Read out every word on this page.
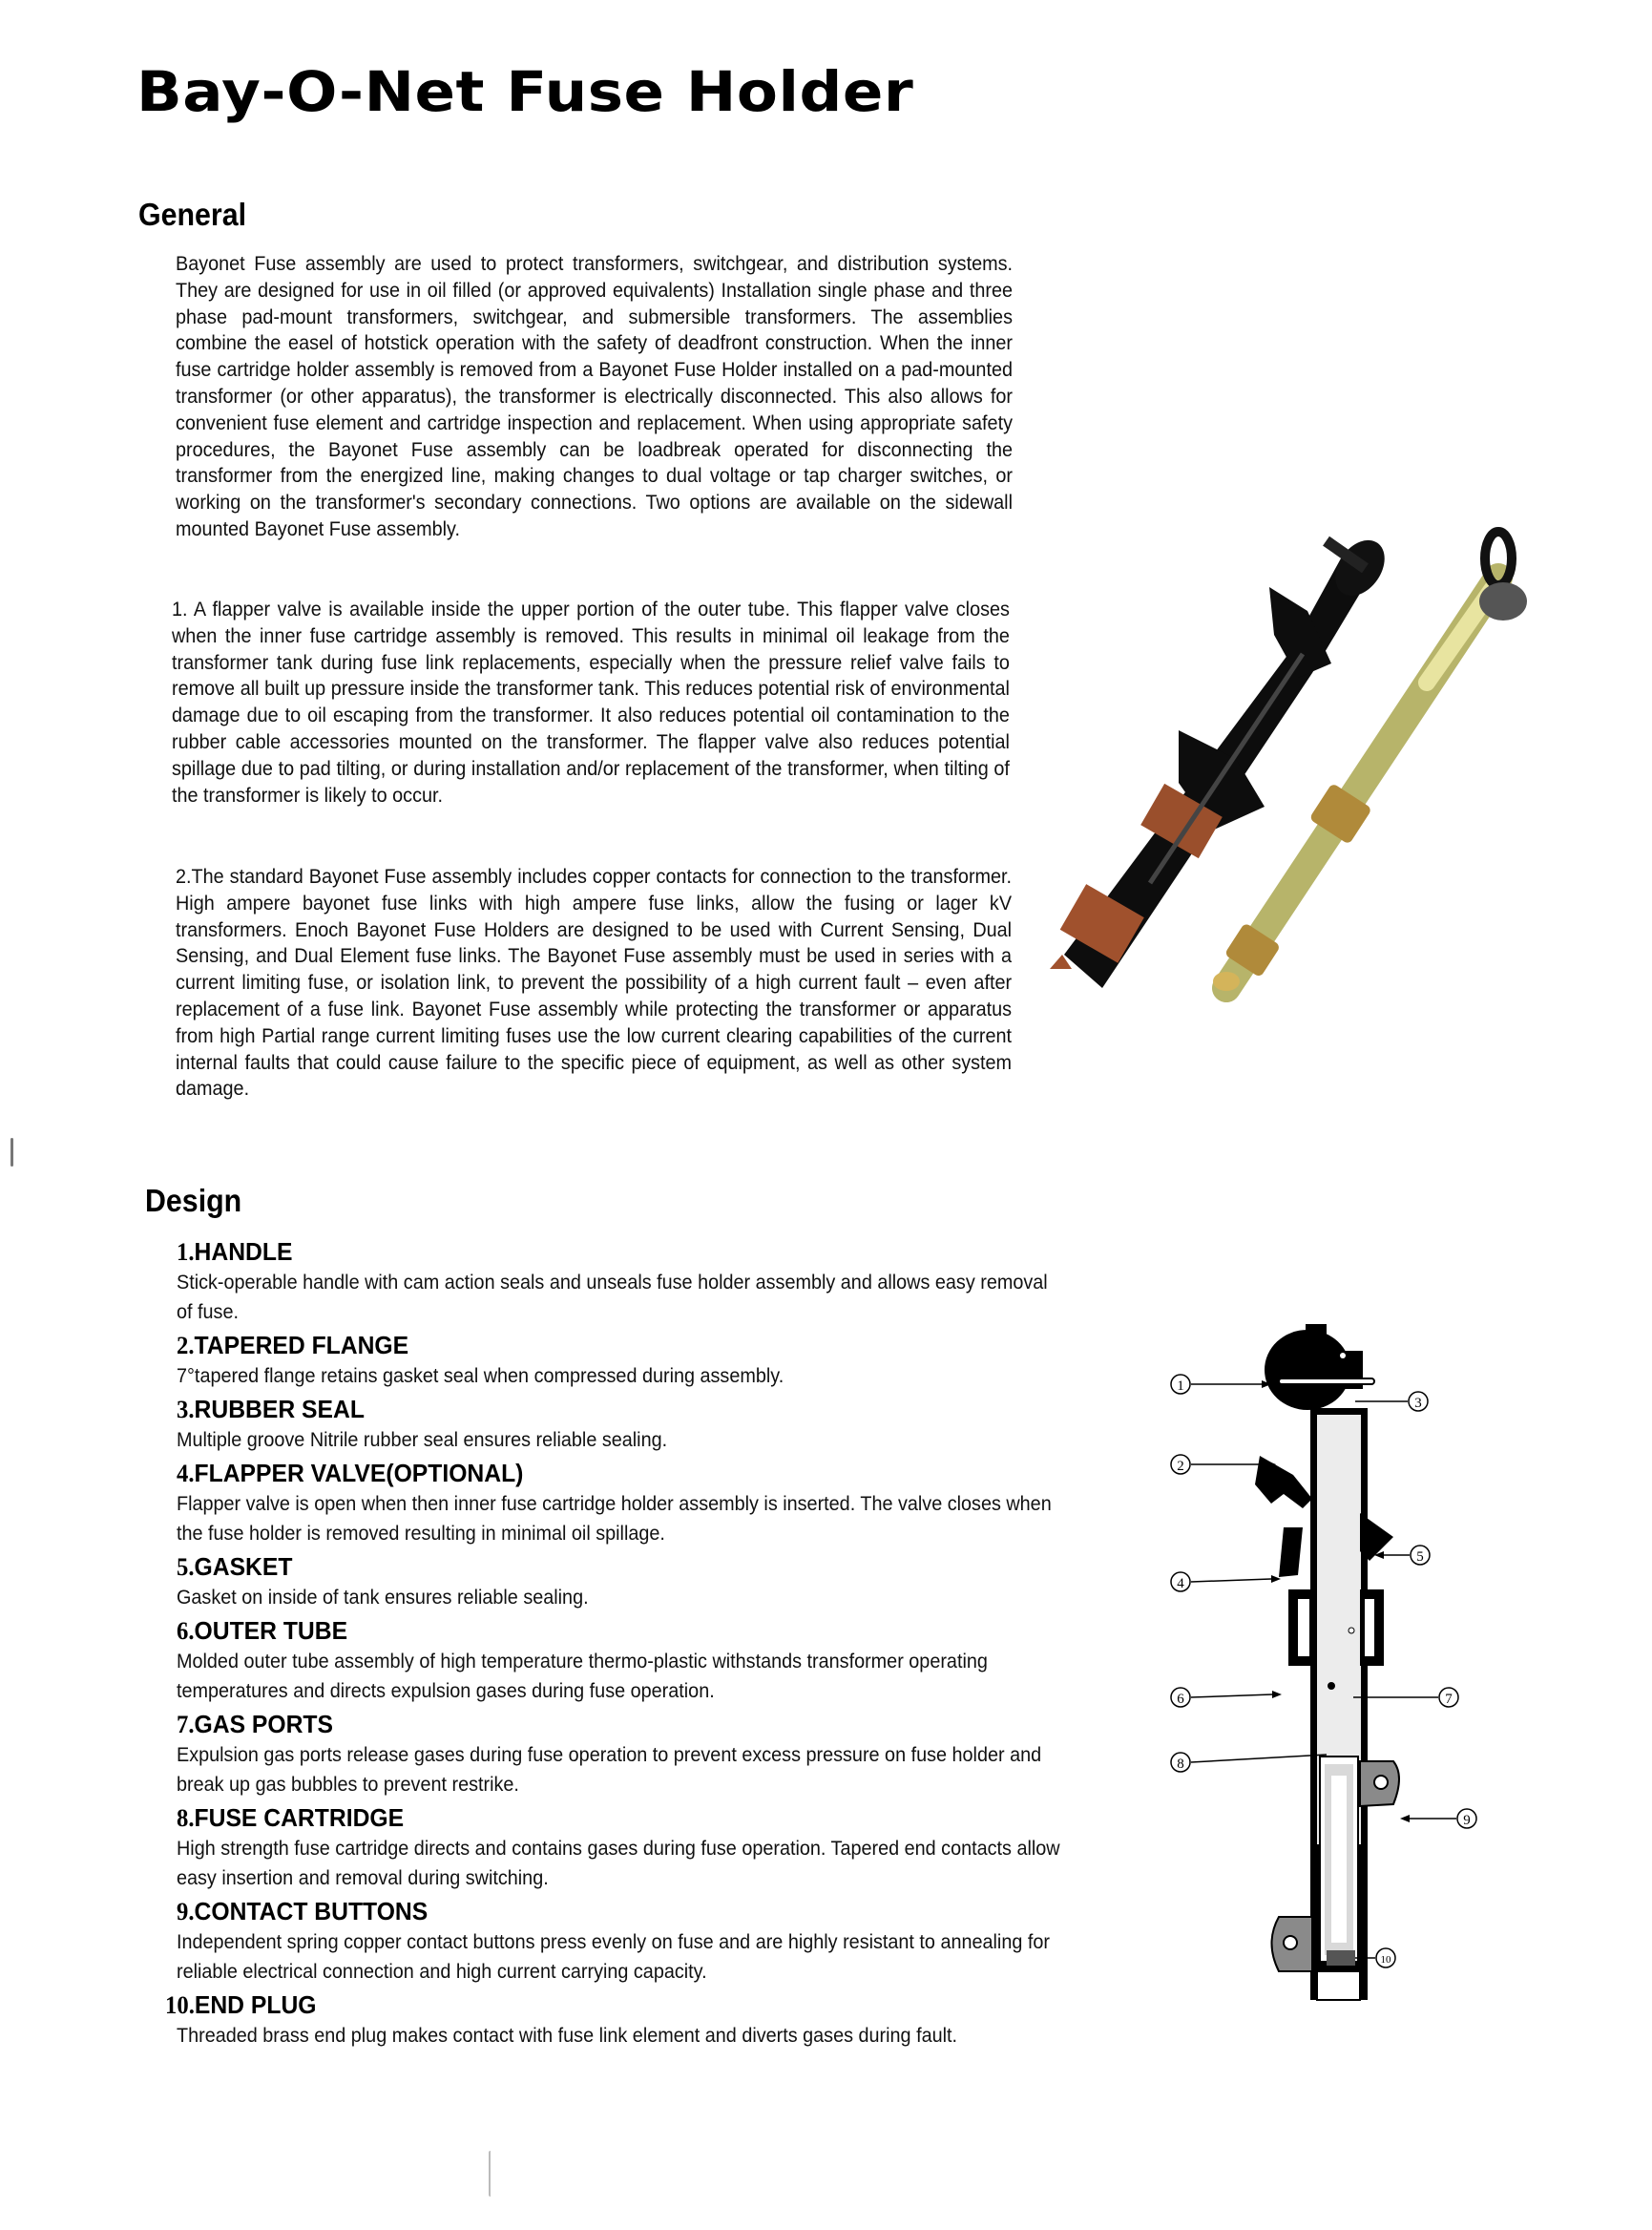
Bay-O-Net Fuse Holder
General

Bayonet Fuse assembly are used to protect transformers, switchgear, and distribution systems. They are designed for use in oil filled (or approved equivalents) Installation single phase and three phase pad-mount transformers, switchgear, and submersible transformers. The assemblies combine the easel of hotstick operation with the safety of deadfront construction. When the inner fuse cartridge holder assembly is removed from a Bayonet Fuse Holder installed on a pad-mounted transformer (or other apparatus), the transformer is electrically disconnected. This also allows for convenient fuse element and cartridge inspection and replacement. When using appropriate safety procedures, the Bayonet Fuse assembly can be loadbreak operated for disconnecting the transformer from the energized line, making changes to dual voltage or tap charger switches, or working on the transformer's secondary connections. Two options are available on the sidewall mounted Bayonet Fuse assembly.

1. A flapper valve is available inside the upper portion of the outer tube. This flapper valve closes when the inner fuse cartridge assembly is removed. This results in minimal oil leakage from the transformer tank during fuse link replacements, especially when the pressure relief valve fails to remove all built up pressure inside the transformer tank. This reduces potential risk of environmental damage due to oil escaping from the transformer. It also reduces potential oil contamination to the rubber cable accessories mounted on the transformer. The flapper valve also reduces potential spillage due to pad tilting, or during installation and/or replacement of the transformer, when tilting of the transformer is likely to occur.

2.The standard Bayonet Fuse assembly includes copper contacts for connection to the transformer. High ampere bayonet fuse links with high ampere fuse links, allow the fusing or lager kV transformers. Enoch Bayonet Fuse Holders are designed to be used with Current Sensing, Dual Sensing, and Dual Element fuse links. The Bayonet Fuse assembly must be used in series with a current limiting fuse, or isolation link, to prevent the possibility of a high current fault – even after replacement of a fuse link. Bayonet Fuse assembly while protecting the transformer or apparatus from high Partial range current limiting fuses use the low current clearing capabilities of the current internal faults that could cause failure to the specific piece of equipment, as well as other system damage.

Design
1.HANDLE
Stick-operable handle with cam action seals and unseals fuse holder assembly and allows easy removal of fuse.
2.TAPERED FLANGE
7°tapered flange retains gasket seal when compressed during assembly.
3.RUBBER SEAL
Multiple groove Nitrile rubber seal ensures reliable sealing.
4.FLAPPER VALVE(OPTIONAL)
Flapper valve is open when then inner fuse cartridge holder assembly is inserted. The valve closes when the fuse holder is removed resulting in minimal oil spillage.
5.GASKET
Gasket on inside of tank ensures reliable sealing.
6.OUTER TUBE
Molded outer tube assembly of high temperature thermo-plastic withstands transformer operating temperatures and directs expulsion gases during fuse operation.
7.GAS PORTS
Expulsion gas ports release gases during fuse operation to prevent excess pressure on fuse holder and break up gas bubbles to prevent restrike.
8.FUSE CARTRIDGE
High strength fuse cartridge directs and contains gases during fuse operation. Tapered end contacts allow easy insertion and removal during switching.
9.CONTACT BUTTONS
Independent spring copper contact buttons press evenly on fuse and are highly resistant to annealing for reliable electrical connection and high current carrying capacity.
10.END PLUG
Threaded brass end plug makes contact with fuse link element and diverts gases during fault.
1
2
3
4
5
6	7
8
9
10
